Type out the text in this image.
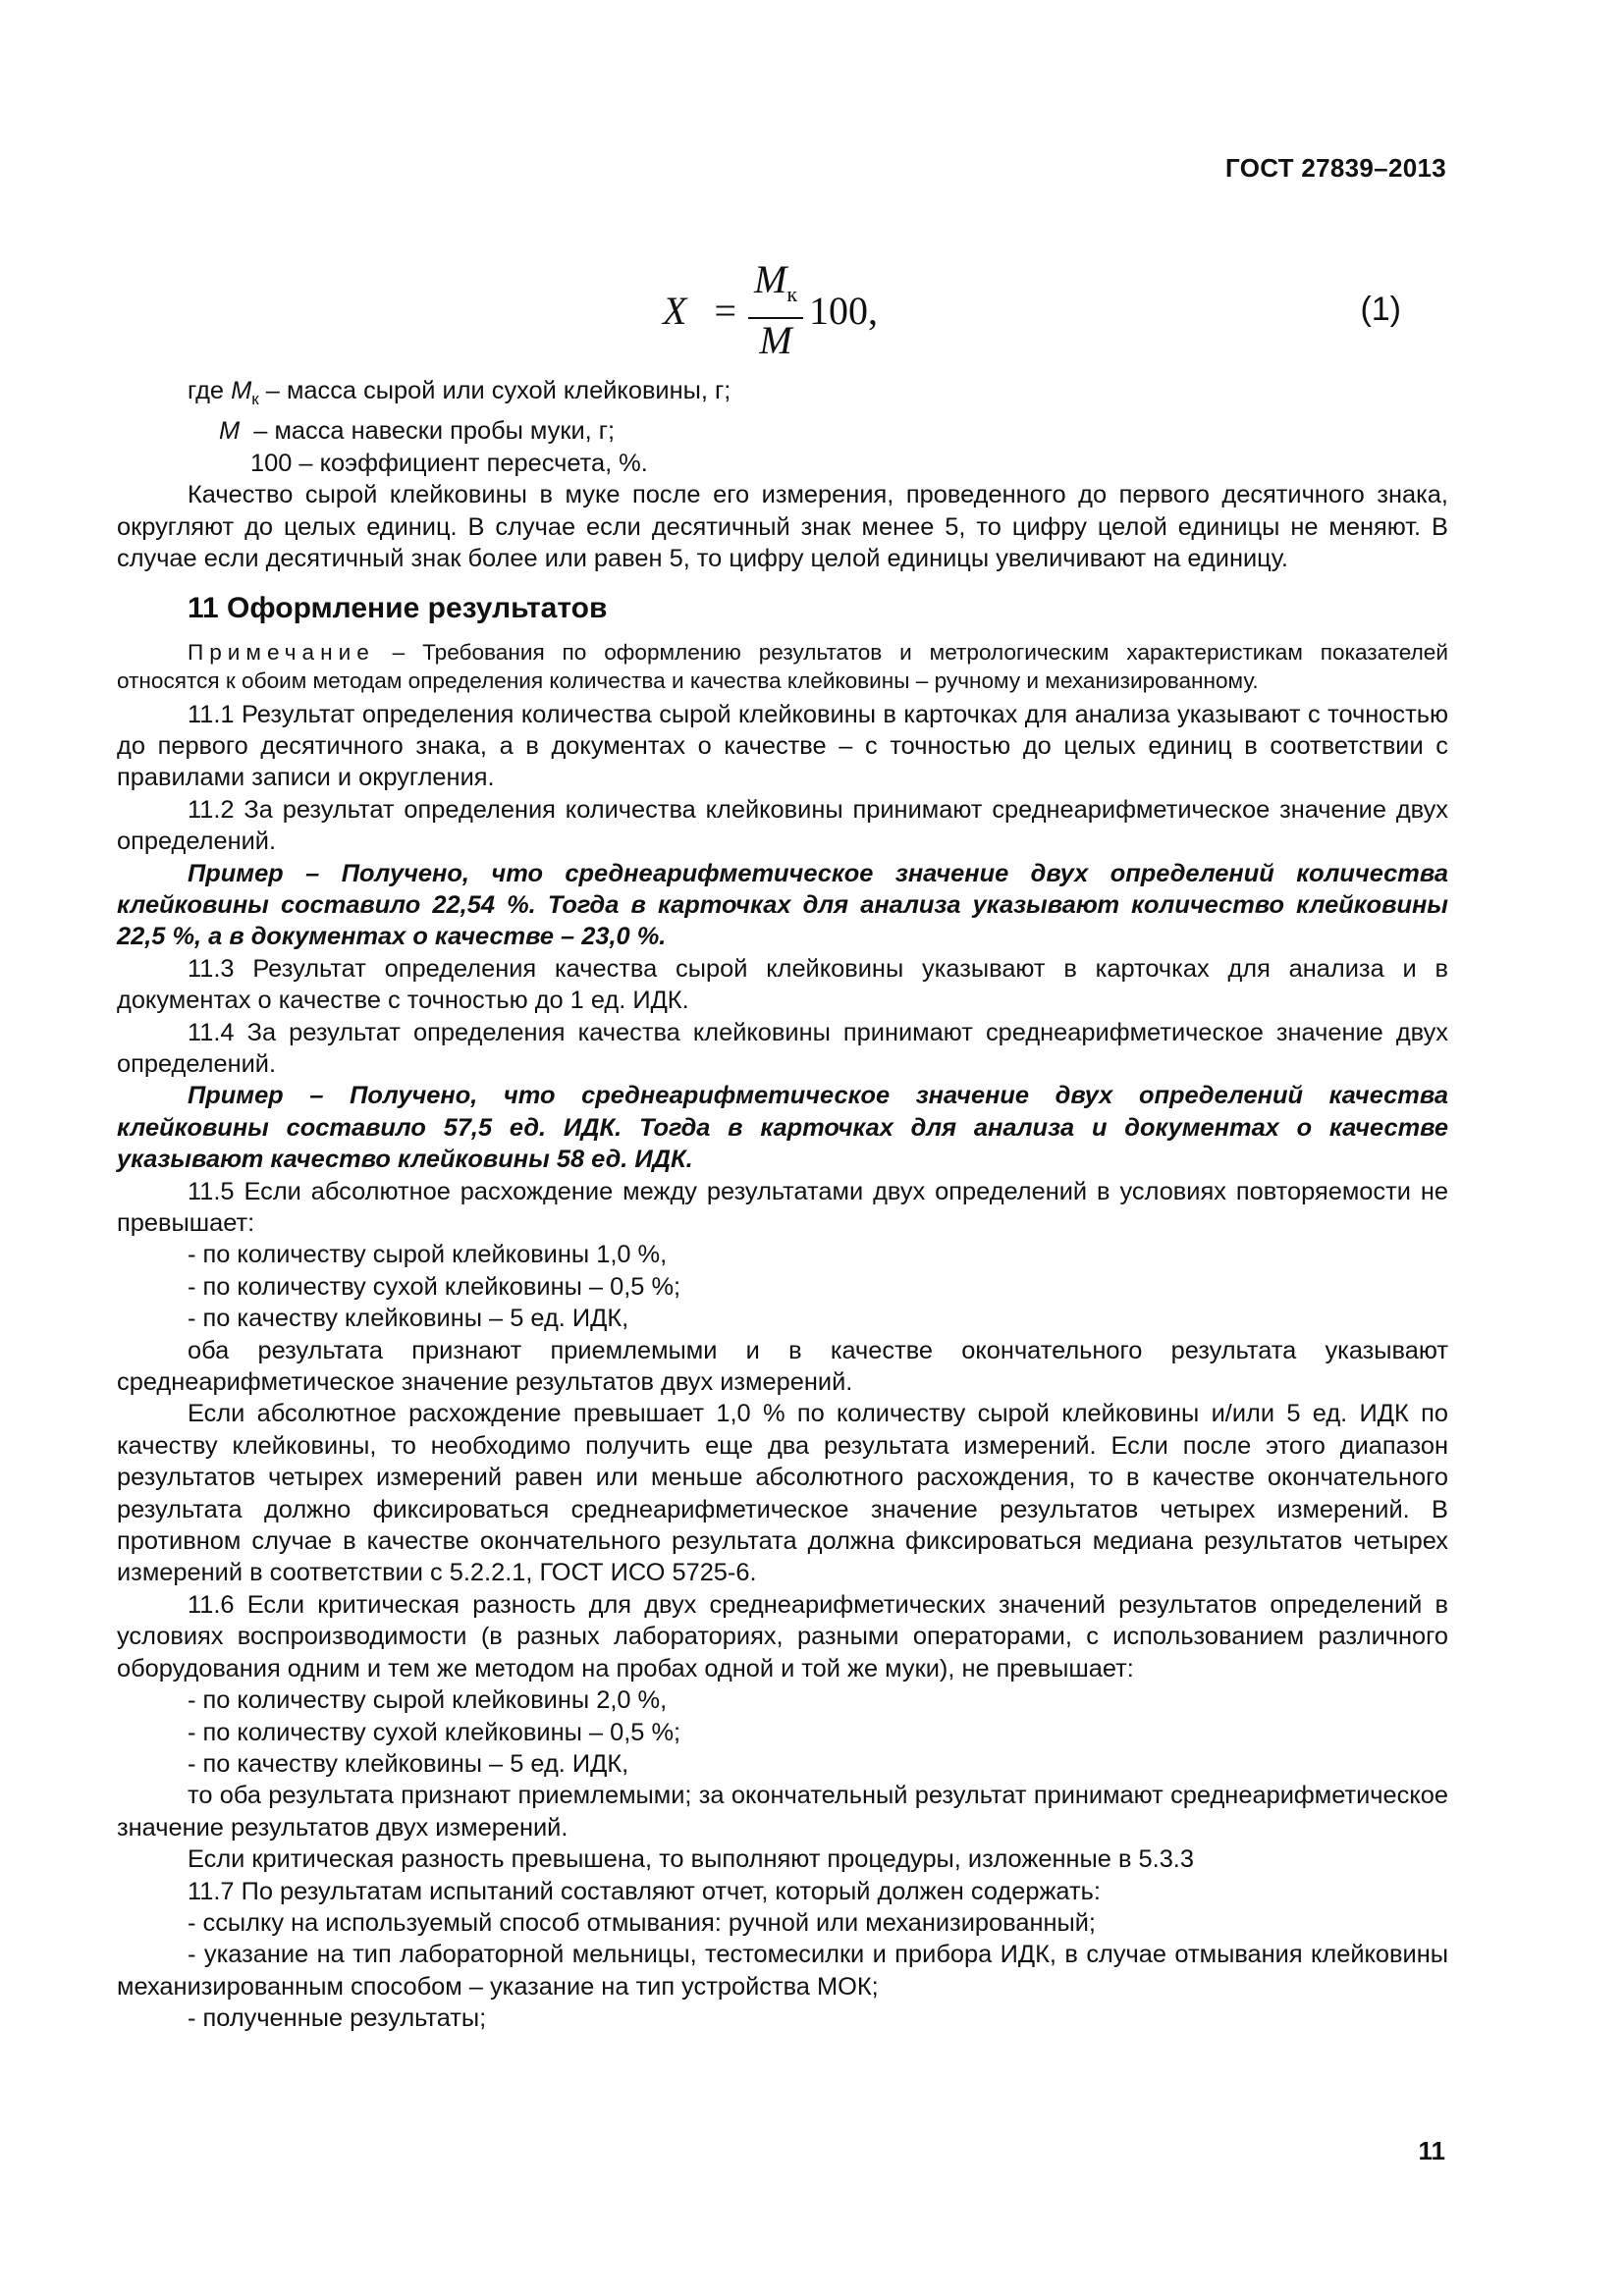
ГОСТ 27839–2013
$X = \frac{M_к}{M} 100$,	(1)

где $M_к$ – масса сырой или сухой клейковины, г;

M  – масса навески пробы муки, г;

100 – коэффициент пересчета, %.

Качество сырой клейковины в муке после его измерения, проведенного до первого десятичного знака, округляют до целых единиц. В случае если десятичный знак менее 5, то цифру целой единицы не меняют. В случае если десятичный знак более или равен 5, то цифру целой единицы увеличивают на единицу.

11 Оформление результатов

Примечание – Требования по оформлению результатов и метрологическим характеристикам показателей относятся к обоим методам определения количества и качества клейковины – ручному и механизированному.

11.1 Результат определения количества сырой клейковины в карточках для анализа указывают с точностью до первого десятичного знака, а в документах о качестве – с точностью до целых единиц в соответствии с правилами записи и округления.

11.2 За результат определения количества клейковины принимают среднеарифметическое значение двух определений.

Пример – Получено, что среднеарифметическое значение двух определений количества клейковины составило 22,54 %. Тогда в карточках для анализа указывают количество клейковины 22,5 %, а в документах о качестве – 23,0 %.

11.3 Результат определения качества сырой клейковины указывают в карточках для анализа и в документах о качестве с точностью до 1 ед. ИДК.

11.4 За результат определения качества клейковины принимают среднеарифметическое значение двух определений.

Пример – Получено, что среднеарифметическое значение двух определений качества клейковины составило 57,5 ед. ИДК. Тогда в карточках для анализа и документах о качестве указывают качество клейковины 58 ед. ИДК.

11.5 Если абсолютное расхождение между результатами двух определений в условиях повторяемости не превышает:

- по количеству сырой клейковины 1,0 %,

- по количеству сухой клейковины – 0,5 %;

- по качеству клейковины – 5 ед. ИДК,

оба результата признают приемлемыми и в качестве окончательного результата указывают среднеарифметическое значение результатов двух измерений.

Если абсолютное расхождение превышает 1,0 % по количеству сырой клейковины и/или 5 ед. ИДК по качеству клейковины, то необходимо получить еще два результата измерений. Если после этого диапазон результатов четырех измерений равен или меньше абсолютного расхождения, то в качестве окончательного результата должно фиксироваться среднеарифметическое значение результатов четырех измерений. В противном случае в качестве окончательного результата должна фиксироваться медиана результатов четырех измерений в соответствии с 5.2.2.1, ГОСТ ИСО 5725-6.

11.6 Если критическая разность для двух среднеарифметических значений результатов определений в условиях воспроизводимости (в разных лабораториях, разными операторами, с использованием различного оборудования одним и тем же методом на пробах одной и той же муки), не превышает:

- по количеству сырой клейковины 2,0 %,

- по количеству сухой клейковины – 0,5 %;

- по качеству клейковины – 5 ед. ИДК,

то оба результата признают приемлемыми; за окончательный результат принимают среднеарифметическое значение результатов двух измерений.

Если критическая разность превышена, то выполняют процедуры, изложенные в 5.3.3

11.7 По результатам испытаний составляют отчет, который должен содержать:

- ссылку на используемый способ отмывания: ручной или механизированный;

- указание на тип лабораторной мельницы, тестомесилки и прибора ИДК, в случае отмывания клейковины механизированным способом – указание на тип устройства МОК;

- полученные результаты;

11
